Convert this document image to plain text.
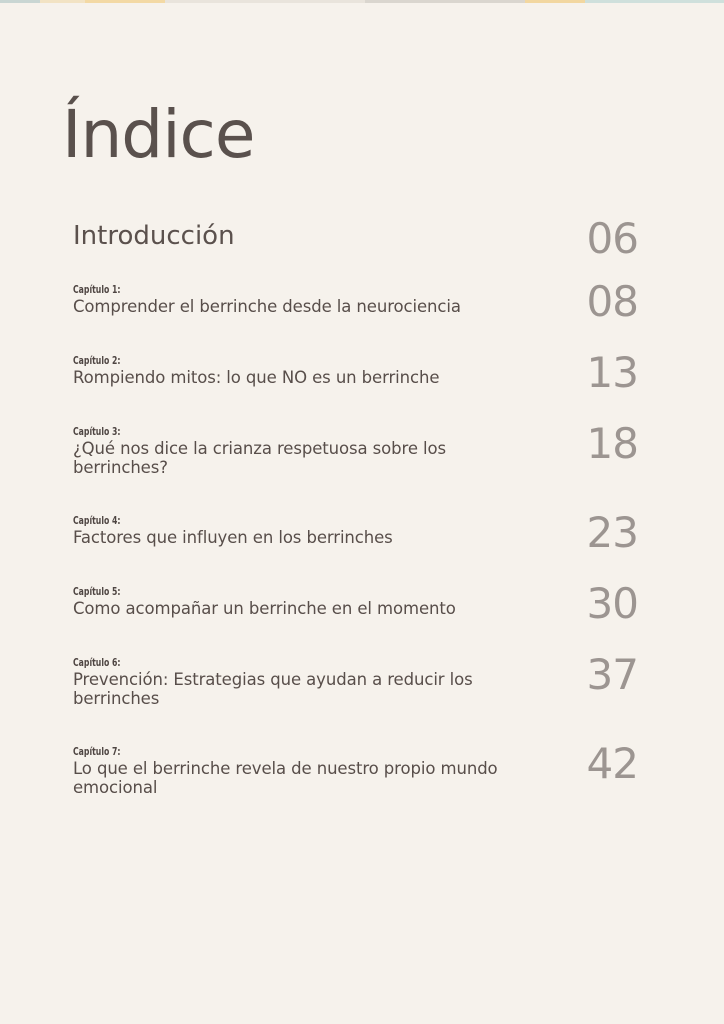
Índice
Introducción	06
Capítulo 1:
Comprender el berrinche desde la neurociencia	08
Capítulo 2:
Rompiendo mitos: lo que NO es un berrinche	13
Capítulo 3:
¿Qué nos dice la crianza respetuosa sobre los berrinches?	18
Capítulo 4:
Factores que influyen en los berrinches	23
Capítulo 5:
Como acompañar un berrinche en el momento	30
Capítulo 6:
Prevención: Estrategias que ayudan a reducir los berrinches	37
Capítulo 7:
Lo que el berrinche revela de nuestro propio mundo emocional	42
